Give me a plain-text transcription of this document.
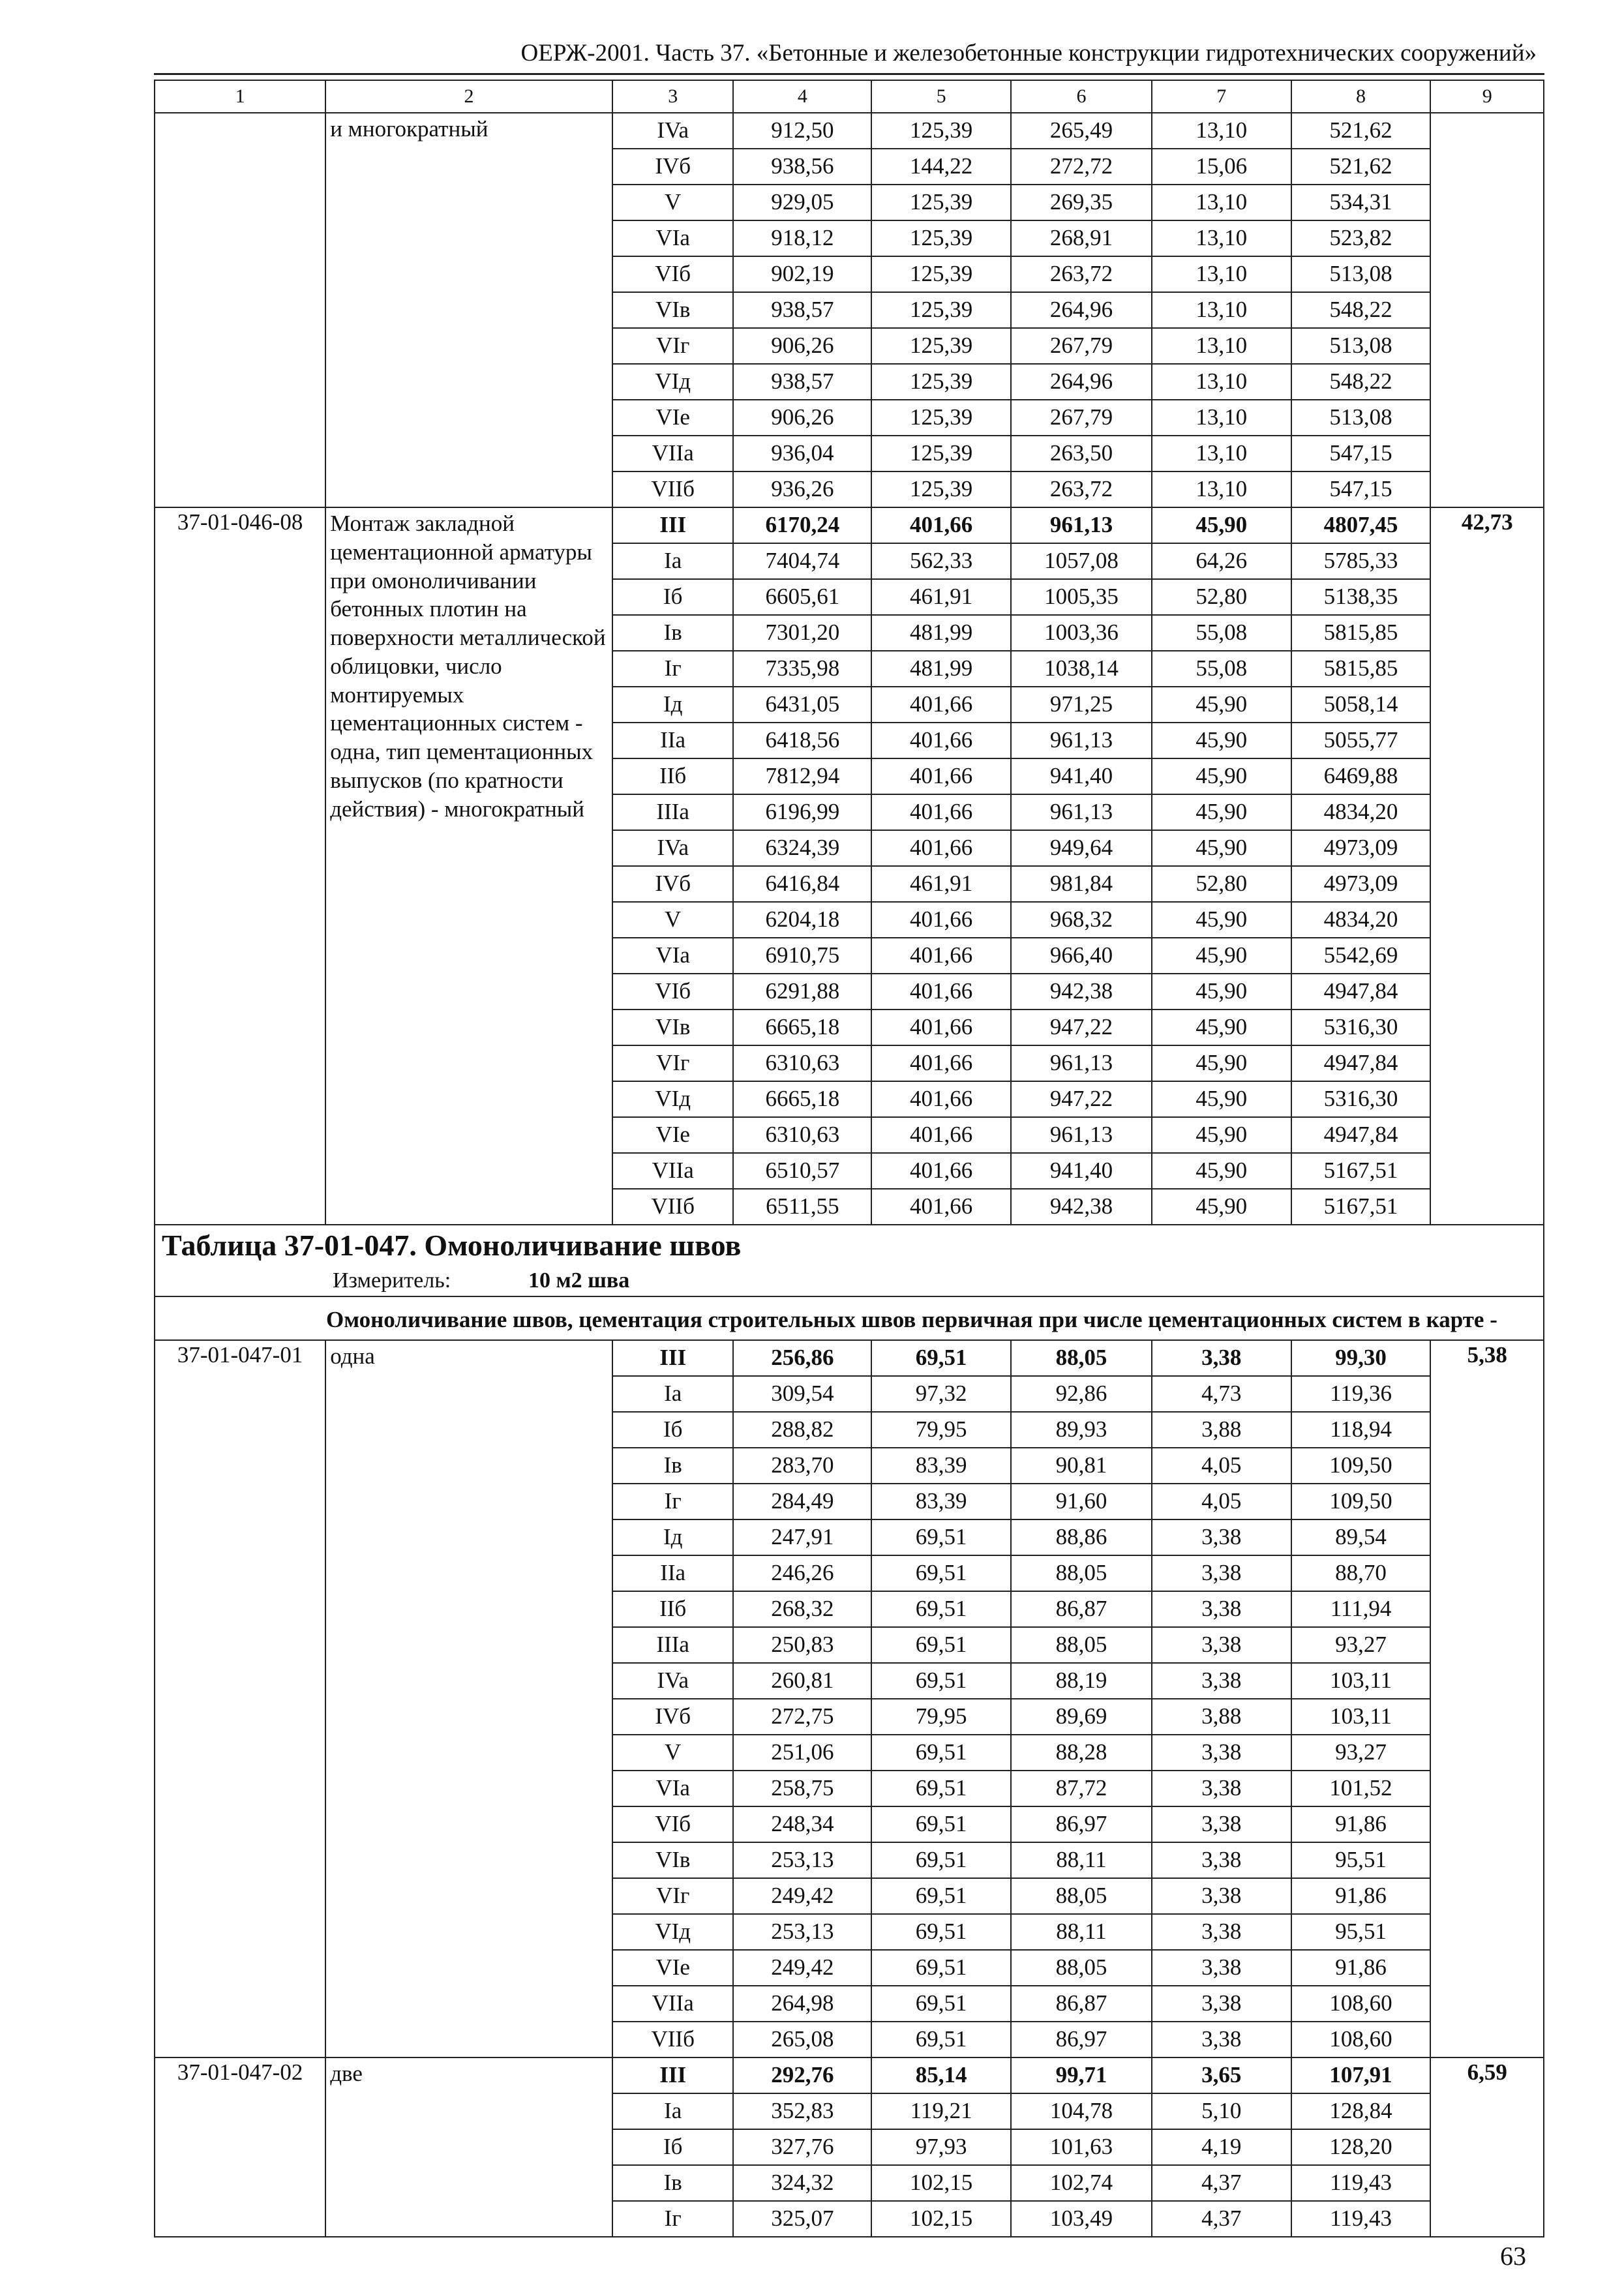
ОЕРЖ-2001. Часть 37. «Бетонные и железобетонные конструкции гидротехнических сооружений»
1	2	3	4	5	6	7	8	9
	и многократный	IVa	912,50	125,39	265,49	13,10	521,62	
		IVб	938,56	144,22	272,72	15,06	521,62	
		V	929,05	125,39	269,35	13,10	534,31	
		VIa	918,12	125,39	268,91	13,10	523,82	
		VIб	902,19	125,39	263,72	13,10	513,08	
		VIв	938,57	125,39	264,96	13,10	548,22	
		VIг	906,26	125,39	267,79	13,10	513,08	
		VIд	938,57	125,39	264,96	13,10	548,22	
		VIe	906,26	125,39	267,79	13,10	513,08	
		VIIa	936,04	125,39	263,50	13,10	547,15	
		VIIб	936,26	125,39	263,72	13,10	547,15	
37-01-046-08	Монтаж закладной цементационной арматуры при омоноличивании бетонных плотин на поверхности металлической облицовки, число монтируемых цементационных систем - одна, тип цементационных выпусков (по кратности действия) - многократный	III	6170,24	401,66	961,13	45,90	4807,45	42,73
		Ia	7404,74	562,33	1057,08	64,26	5785,33	
		Iб	6605,61	461,91	1005,35	52,80	5138,35	
		Iв	7301,20	481,99	1003,36	55,08	5815,85	
		Iг	7335,98	481,99	1038,14	55,08	5815,85	
		Iд	6431,05	401,66	971,25	45,90	5058,14	
		IIa	6418,56	401,66	961,13	45,90	5055,77	
		IIб	7812,94	401,66	941,40	45,90	6469,88	
		IIIa	6196,99	401,66	961,13	45,90	4834,20	
		IVa	6324,39	401,66	949,64	45,90	4973,09	
		IVб	6416,84	461,91	981,84	52,80	4973,09	
		V	6204,18	401,66	968,32	45,90	4834,20	
		VIa	6910,75	401,66	966,40	45,90	5542,69	
		VIб	6291,88	401,66	942,38	45,90	4947,84	
		VIв	6665,18	401,66	947,22	45,90	5316,30	
		VIг	6310,63	401,66	961,13	45,90	4947,84	
		VIд	6665,18	401,66	947,22	45,90	5316,30	
		VIe	6310,63	401,66	961,13	45,90	4947,84	
		VIIa	6510,57	401,66	941,40	45,90	5167,51	
		VIIб	6511,55	401,66	942,38	45,90	5167,51	

Таблица 37-01-047. Омоноличивание швов
Измеритель: 10 м2 шва								

Омоноличивание швов, цементация строительных швов первичная при числе цементационных систем в карте -								
37-01-047-01	одна	III	256,86	69,51	88,05	3,38	99,30	5,38
		Ia	309,54	97,32	92,86	4,73	119,36	
		Iб	288,82	79,95	89,93	3,88	118,94	
		Iв	283,70	83,39	90,81	4,05	109,50	
		Iг	284,49	83,39	91,60	4,05	109,50	
		Iд	247,91	69,51	88,86	3,38	89,54	
		IIa	246,26	69,51	88,05	3,38	88,70	
		IIб	268,32	69,51	86,87	3,38	111,94	
		IIIa	250,83	69,51	88,05	3,38	93,27	
		IVa	260,81	69,51	88,19	3,38	103,11	
		IVб	272,75	79,95	89,69	3,88	103,11	
		V	251,06	69,51	88,28	3,38	93,27	
		VIa	258,75	69,51	87,72	3,38	101,52	
		VIб	248,34	69,51	86,97	3,38	91,86	
		VIв	253,13	69,51	88,11	3,38	95,51	
		VIг	249,42	69,51	88,05	3,38	91,86	
		VIд	253,13	69,51	88,11	3,38	95,51	
		VIe	249,42	69,51	88,05	3,38	91,86	
		VIIa	264,98	69,51	86,87	3,38	108,60	
		VIIб	265,08	69,51	86,97	3,38	108,60	
37-01-047-02	две	III	292,76	85,14	99,71	3,65	107,91	6,59
		Ia	352,83	119,21	104,78	5,10	128,84	
		Iб	327,76	97,93	101,63	4,19	128,20	
		Iв	324,32	102,15	102,74	4,37	119,43	
		Iг	325,07	102,15	103,49	4,37	119,43	
63
